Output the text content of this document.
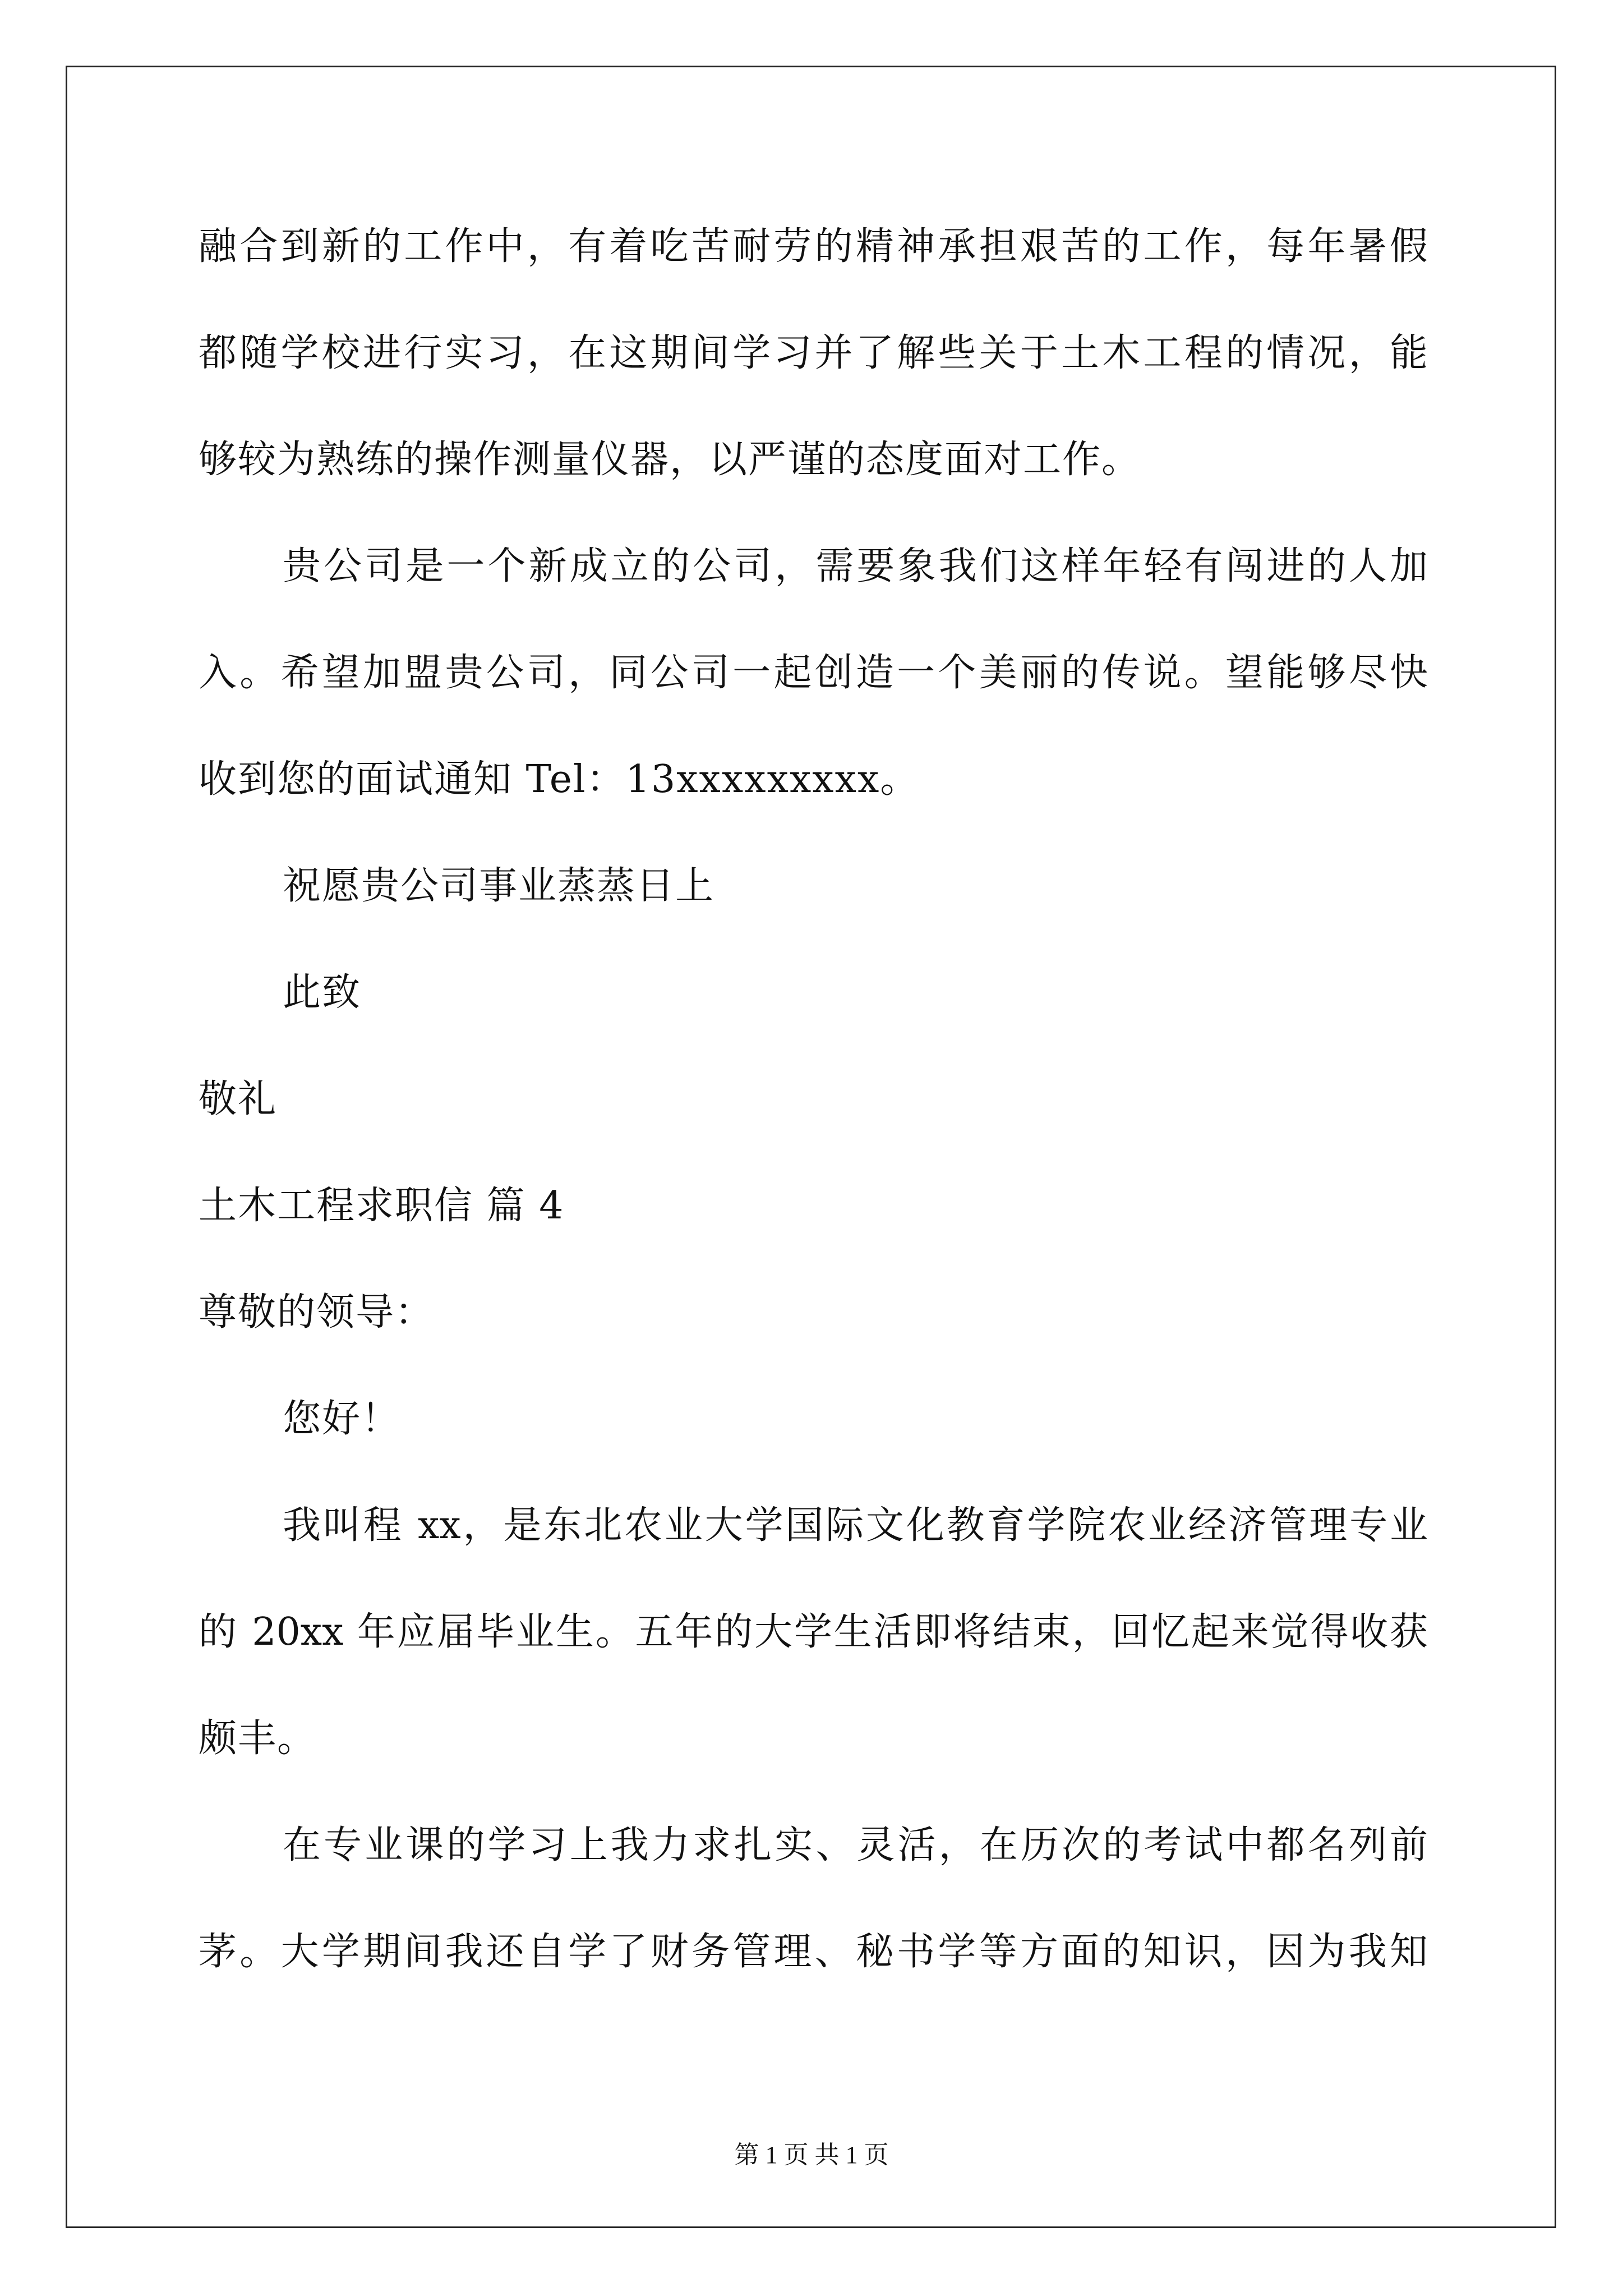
融合到新的工作中，有着吃苦耐劳的精神承担艰苦的工作，每年暑假
都随学校进行实习，在这期间学习并了解些关于土木工程的情况，能
够较为熟练的操作测量仪器，以严谨的态度面对工作。
贵公司是一个新成立的公司，需要象我们这样年轻有闯进的人加
入。希望加盟贵公司，同公司一起创造一个美丽的传说。望能够尽快
收到您的面试通知 Tel：13xxxxxxxxx。
祝愿贵公司事业蒸蒸日上
此致
敬礼
土木工程求职信 篇 4
尊敬的领导：
您好！
我叫程 xx，是东北农业大学国际文化教育学院农业经济管理专业
的 20xx 年应届毕业生。五年的大学生活即将结束，回忆起来觉得收获
颇丰。
在专业课的学习上我力求扎实、灵活，在历次的考试中都名列前
茅。大学期间我还自学了财务管理、秘书学等方面的知识，因为我知
第 1 页 共 1 页
